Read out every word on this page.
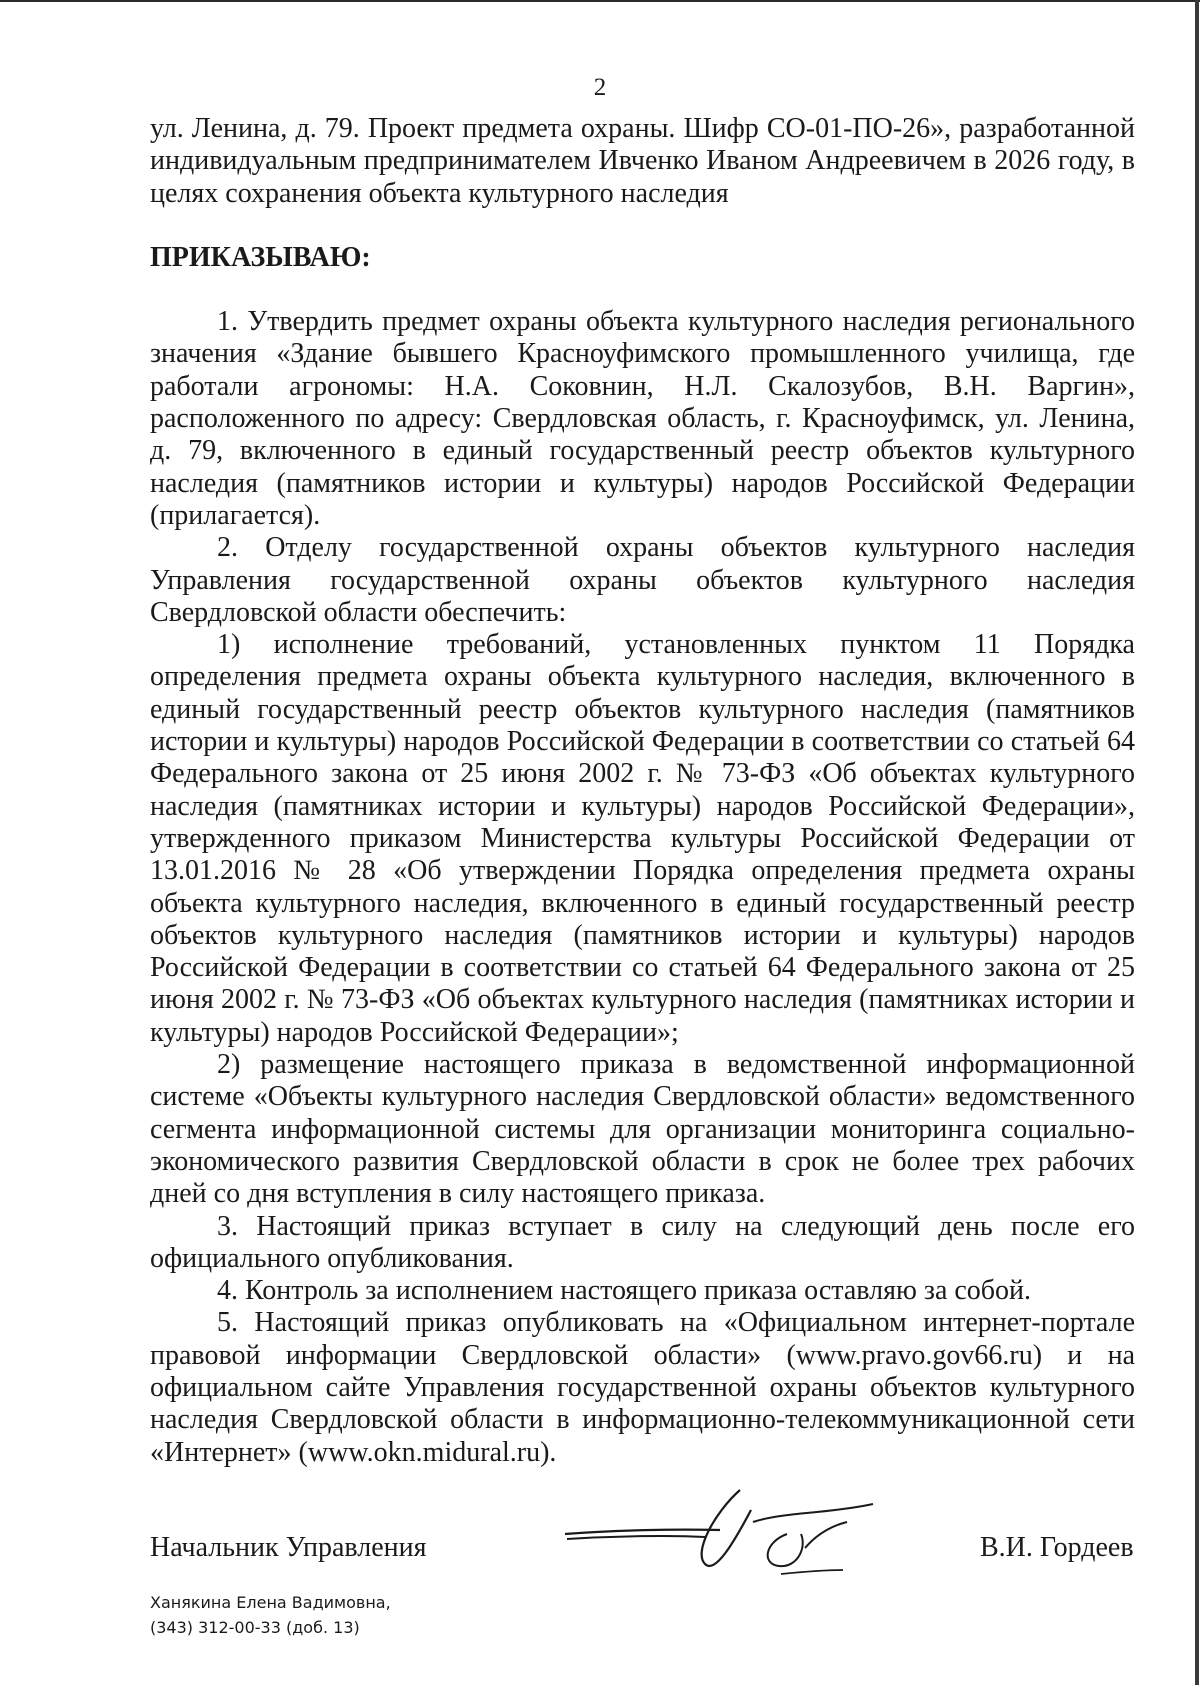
2

ул. Ленина, д. 79. Проект предмета охраны. Шифр СО-01-ПО-26», разработанной индивидуальным предпринимателем Ивченко Иваном Андреевичем в 2026 году, в целях сохранения объекта культурного наследия

ПРИКАЗЫВАЮ:

1. Утвердить предмет охраны объекта культурного наследия регионального значения «Здание бывшего Красноуфимского промышленного училища, где работали агрономы: Н.А. Соковнин, Н.Л. Скалозубов, В.Н. Варгин», расположенного по адресу: Свердловская область, г. Красноуфимск, ул. Ленина, д. 79, включенного в единый государственный реестр объектов культурного наследия (памятников истории и культуры) народов Российской Федерации (прилагается).

2. Отделу государственной охраны объектов культурного наследия Управления государственной охраны объектов культурного наследия Свердловской области обеспечить:

1) исполнение требований, установленных пунктом 11 Порядка определения предмета охраны объекта культурного наследия, включенного в единый государственный реестр объектов культурного наследия (памятников истории и культуры) народов Российской Федерации в соответствии со статьей 64 Федерального закона от 25 июня 2002 г. № 73-ФЗ «Об объектах культурного наследия (памятниках истории и культуры) народов Российской Федерации», утвержденного приказом Министерства культуры Российской Федерации от 13.01.2016 № 28 «Об утверждении Порядка определения предмета охраны объекта культурного наследия, включенного в единый государственный реестр объектов культурного наследия (памятников истории и культуры) народов Российской Федерации в соответствии со статьей 64 Федерального закона от 25 июня 2002 г. № 73-ФЗ «Об объектах культурного наследия (памятниках истории и культуры) народов Российской Федерации»;

2) размещение настоящего приказа в ведомственной информационной системе «Объекты культурного наследия Свердловской области» ведомственного сегмента информационной системы для организации мониторинга социально-экономического развития Свердловской области в срок не более трех рабочих дней со дня вступления в силу настоящего приказа.

3. Настоящий приказ вступает в силу на следующий день после его официального опубликования.

4. Контроль за исполнением настоящего приказа оставляю за собой.

5. Настоящий приказ опубликовать на «Официальном интернет-портале правовой информации Свердловской области» (www.pravo.gov66.ru) и на официальном сайте Управления государственной охраны объектов культурного наследия Свердловской области в информационно-телекоммуникационной сети «Интернет» (www.okn.midural.ru).

Начальник Управления	В.И. Гордеев
Ханякина Елена Вадимовна,
(343) 312-00-33 (доб. 13)
